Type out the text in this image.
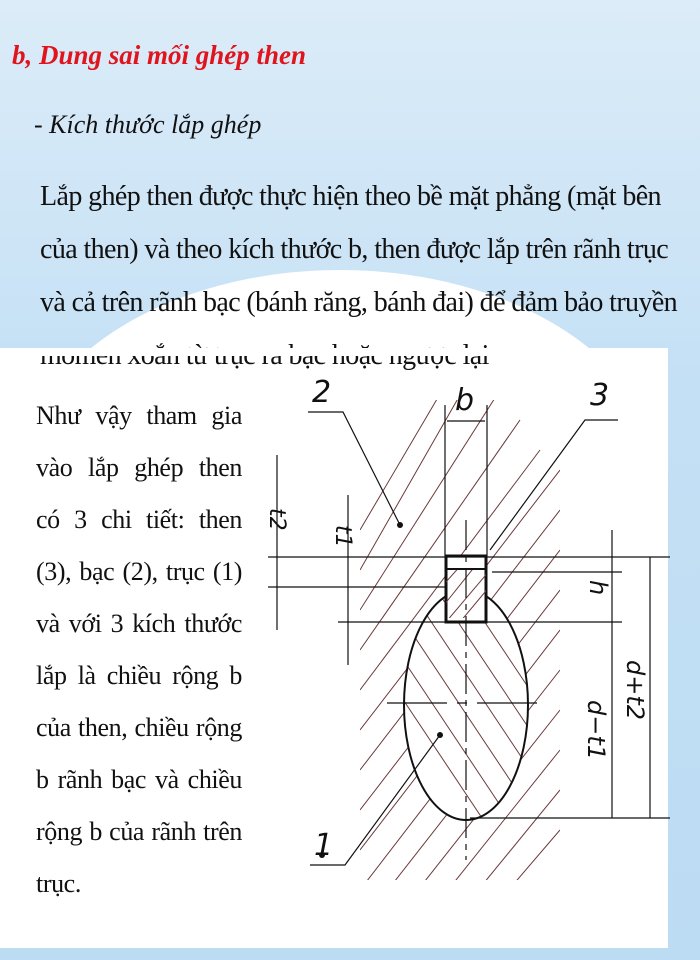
b, Dung sai mối ghép then
- Kích thước lắp ghép
Lắp ghép then được thực hiện theo bề mặt phẳng (mặt bên của then) và theo kích thước b, then được lắp trên rãnh trục và cả trên rãnh bạc (bánh răng, bánh đai) để đảm bảo truyền
Như vậy tham gia vào lắp ghép then có 3 chi tiết: then (3), bạc (2), trục (1) và với 3 kích thước lắp là chiều rộng b của then, chiều rộng b rãnh bạc và chiều rộng b của rãnh trên trục.
2	b	3
t2
t1
h
d−t1
d+t2
1
